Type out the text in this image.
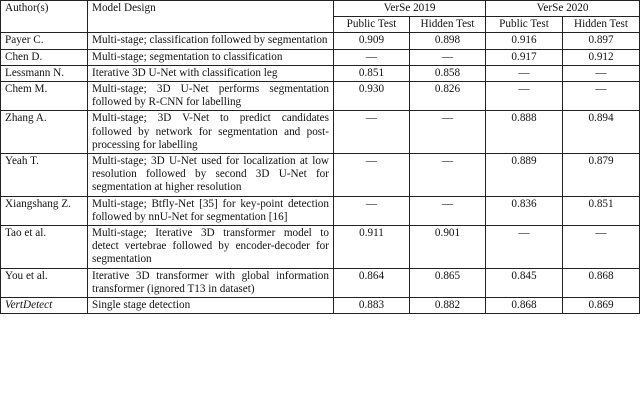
Author(s)	Model Design	VerSe 2019		VerSe 2020	
		Public Test	Hidden Test	Public Test	Hidden Test
Payer C.	Multi-stage; classification followed by segmentation	0.909	0.898	0.916	0.897
Chen D.	Multi-stage; segmentation to classification	—	—	0.917	0.912
Lessmann N.	Iterative 3D U-Net with classification leg	0.851	0.858	—	—
Chem M.	Multi-stage; 3D U-Net performs segmentation followed by R-CNN for labelling	0.930	0.826	—	—
Zhang A.	Multi-stage; 3D V-Net to predict candidates followed by network for segmentation and post-processing for labelling	—	—	0.888	0.894
Yeah T.	Multi-stage; 3D U-Net used for localization at low resolution followed by second 3D U-Net for segmentation at higher resolution	—	—	0.889	0.879
Xiangshang Z.	Multi-stage; Btfly-Net [35] for key-point detection followed by nnU-Net for segmentation [16]	—	—	0.836	0.851
Tao et al.	Multi-stage; Iterative 3D transformer model to detect vertebrae followed by encoder-decoder for segmentation	0.911	0.901	—	—
You et al.	Iterative 3D transformer with global information transformer (ignored T13 in dataset)	0.864	0.865	0.845	0.868
VertDetect	Single stage detection	0.883	0.882	0.868	0.869
